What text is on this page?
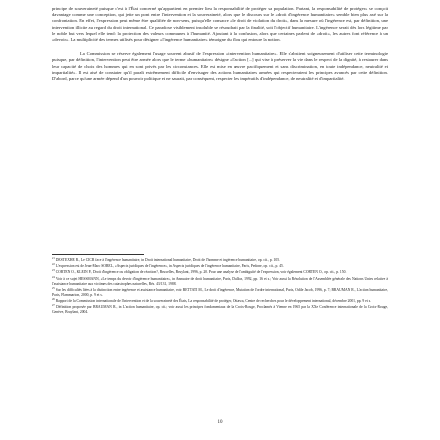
principe de souveraineté puisque c'est à l'État concerné qu'appartient en premier lieu la responsabilité de protéger sa population. Partant, la responsabilité de protéger» se conçoit davantage comme une conception, qui jette un pont entre l'intervention et la souveraineté, alors que le discours sur le «droit d'ingérence humanitaire» semble bien plus axé sur la confrontation. En effet, l'expression peut même être qualifiée de non-sens, puisqu'elle consacre «le droit de violation du droit», dans la mesure où l'ingérence est, par définition, une intervention illicite au regard du droit international. Ce paradoxe visiblement insoluble se résoudrait par la finalité, soit l'objectif humanitaire. L'ingérence serait dès lors légitime par le noble but vers lequel elle tend: la protection des valeurs communes à l'humanité. Ajoutant à la confusion, alors que certaines parlent de «droit», les autres font référence à un «devoir». La multiplicité des termes utilisés pour désigner «l'ingérence humanitaire» témoigne du flou qui entoure la notion.

La Commission se réserve également l'usage souvent abusif de l'expression «intervention humanitaire». Elle s'abstient soigneusement d'utiliser cette terminologie puisque, par définition, l'intervention peut être armée alors que le terme «humanitaire» désigne «l'action [...] qui vise à préserver la vie dans le respect de la dignité, à restaurer dans leur capacité de choix des hommes qui en sont privés par les circonstances. Elle est mise en œuvre pacifiquement et sans discrimination, en toute indépendance, neutralité et impartialité». Il est aisé de constater qu'il paraît extrêmement difficile d'envisager des actions humanitaires armées qui respecteraient les principes avancés par cette définition. D'abord, parce qu'une armée dépend d'un pouvoir politique et ne saurait, par conséquent, respecter les impératifs d'indépendance, de neutralité et d'impartialité.

$^{21}$ DESTEXHE R., Le CICR face à l'ingérence humanitaire, in Droit international humanitaire, Droit de l'homme et ingérence humanitaire, op. cit., p. 105.

$^{22}$ L'expression est de Jean-Marc SOREL, «Aspects juridiques de l'ingérence», in Aspects juridiques de l'ingérence humanitaire, Paris, Pedone, op. cit., p. 45.

$^{23}$ CORTEN O., KLEIN P., Droit d'ingérence ou obligation de réaction?, Bruxelles, Bruylant, 1996, p. 20. Pour une analyse de l'ambiguïté de l'expression, voir également CORTEN O., op. cit., p. 150.

$^{24}$ Voir à ce sujet HESSMANN, «Le temps du devoir d'ingérence humanitaire», in Annuaire de droit humanitaire, Paris, Dalloz, 1992, pp. 16 et s.; Voir aussi la Résolution de l'Assemblée générale des Nations Unies relative à l'assistance humanitaire aux victimes des catastrophes naturelles, Rés. 43/131, 1988.

$^{25}$ Sur les difficultés liées à la distinction entre ingérence et assistance humanitaire, voir BETTATI M., Le droit d'ingérence, Mutation de l'ordre international, Paris, Odile Jacob, 1996, p. 7; BRAUMAN R., L'action humanitaire, Paris, Flammarion, 2000, p. 9 et s.

$^{26}$ Rapport de la Commission internationale de l'intervention et de la souveraineté des États, La responsabilité de protéger, Ottawa, Centre de recherches pour le développement international, décembre 2001, pp. 9 et s.

$^{27}$ Définition proposée par BRAUMAN R., in L'action humanitaire, op. cit.; voir aussi les principes fondamentaux de la Croix-Rouge, Proclamés à Vienne en 1965 par la XXe Conférence internationale de la Croix-Rouge, Genève, Bruylant, 2004.

10
